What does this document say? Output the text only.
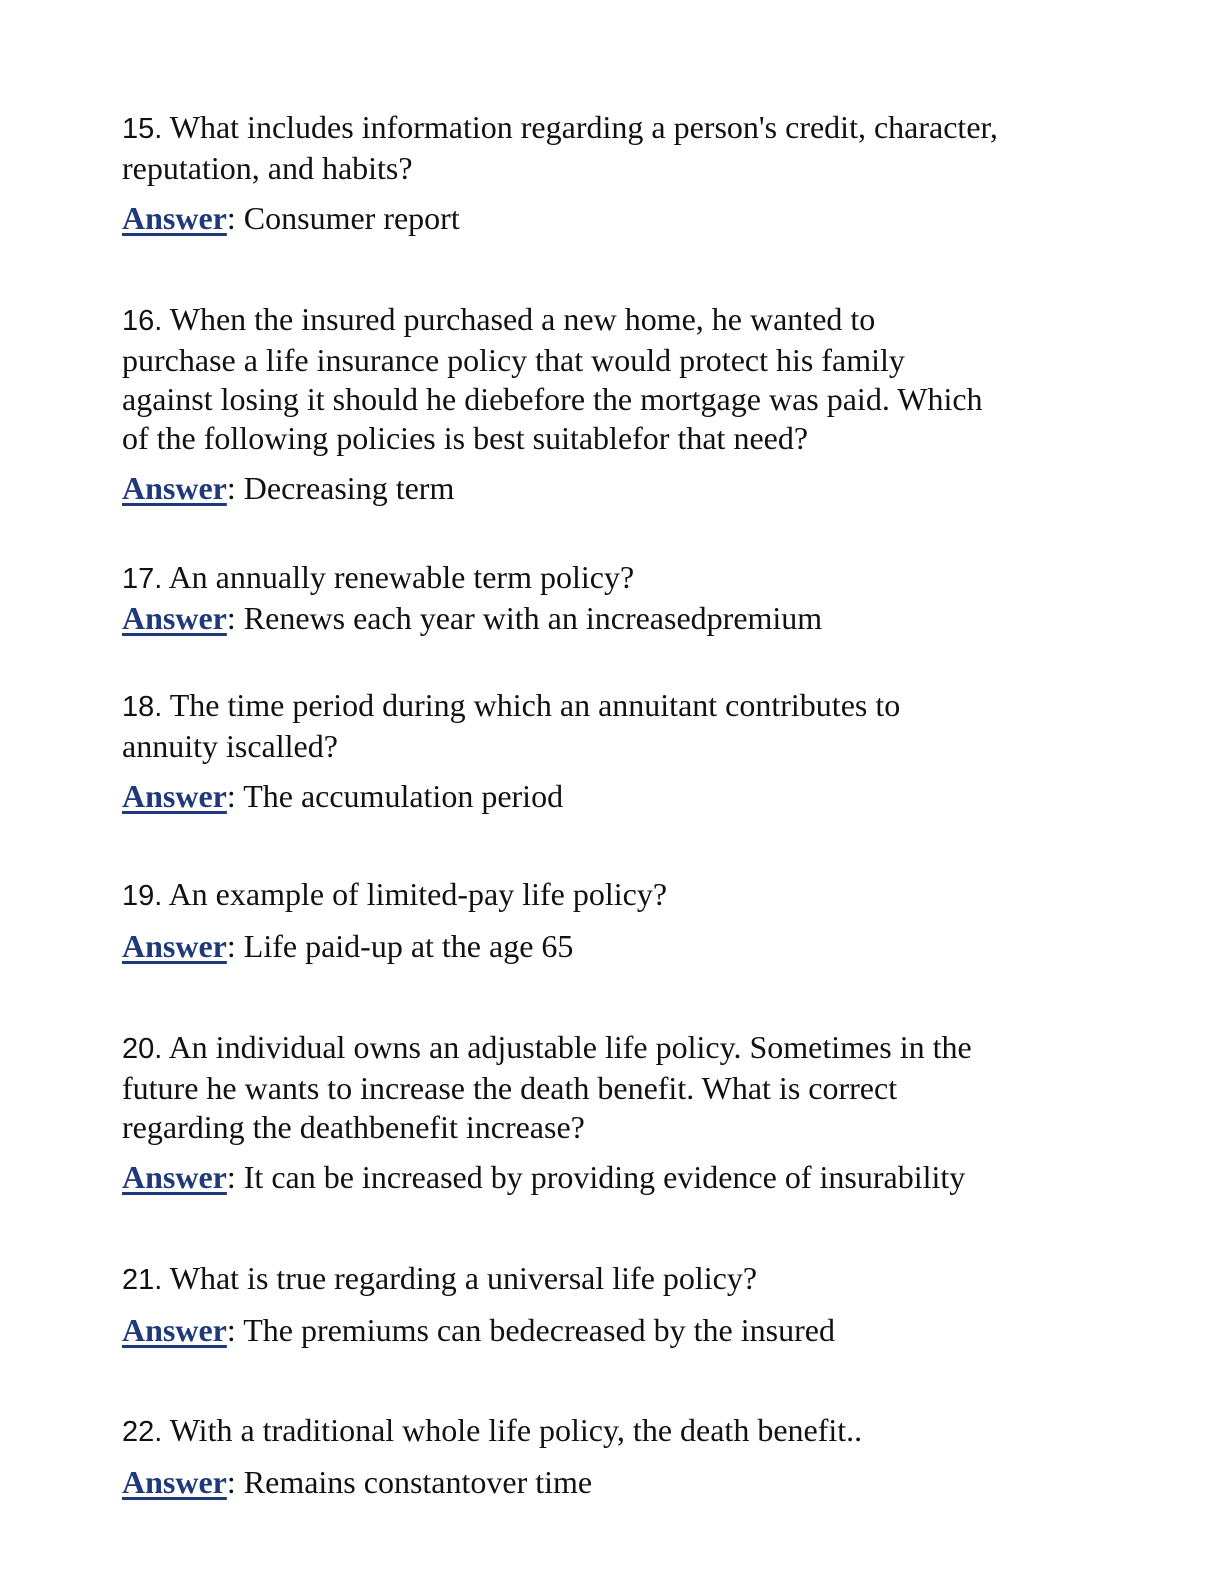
15. What includes information regarding a person's credit, character,
reputation, and habits?

Answer: Consumer report

16. When the insured purchased a new home, he wanted to
purchase a life insurance policy that would protect his family
against losing it should he diebefore the mortgage was paid. Which
of the following policies is best suitablefor that need?

Answer: Decreasing term

17. An annually renewable term policy?

Answer: Renews each year with an increasedpremium

18. The time period during which an annuitant contributes to
annuity iscalled?

Answer: The accumulation period

19. An example of limited-pay life policy?

Answer: Life paid-up at the age 65

20. An individual owns an adjustable life policy. Sometimes in the
future he wants to increase the death benefit. What is correct
regarding the deathbenefit increase?

Answer: It can be increased by providing evidence of insurability

21. What is true regarding a universal life policy?

Answer: The premiums can bedecreased by the insured

22. With a traditional whole life policy, the death benefit..

Answer: Remains constantover time
